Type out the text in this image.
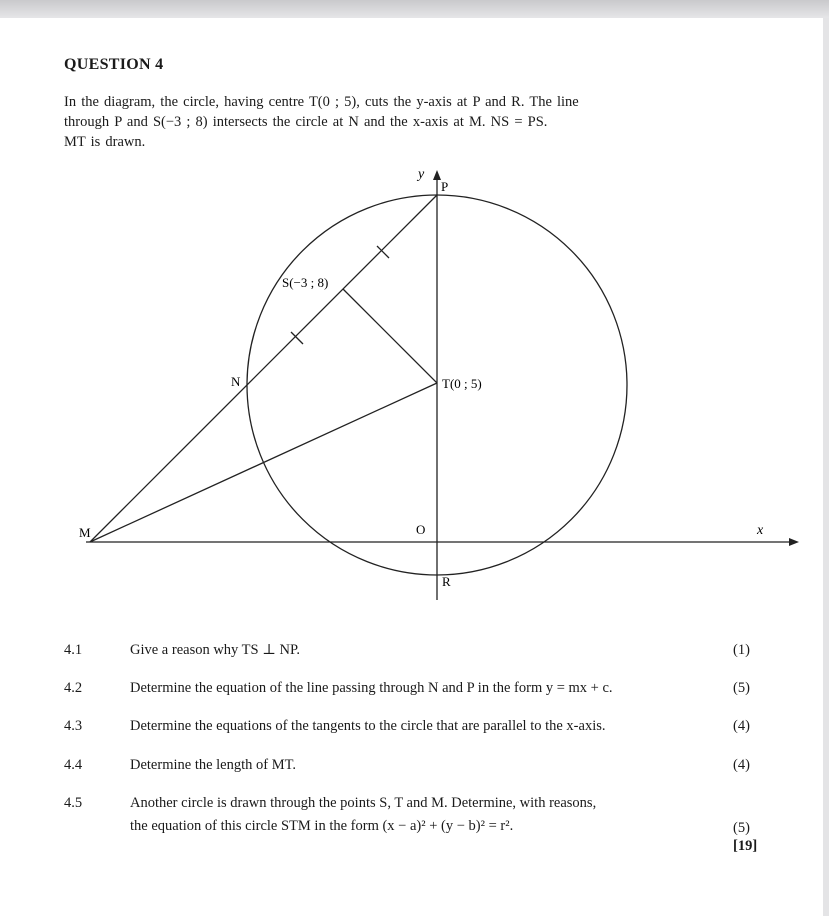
QUESTION 4
In the diagram, the circle, having centre T(0 ; 5), cuts the y-axis at P and R. The line
through P and S(−3 ; 8) intersects the circle at N and the x-axis at M. NS = PS.
MT is drawn.
y
P
S(−3 ; 8)
N	T(0 ; 5)
M	O	x
R
4.1	Give a reason why TS ⊥ NP.	(1)
4.2	Determine the equation of the line passing through N and P in the form y = mx + c.	(5)
4.3	Determine the equations of the tangents to the circle that are parallel to the x-axis.	(4)
4.4	Determine the length of MT.	(4)
4.5	Another circle is drawn through the points S, T and M. Determine, with reasons,
the equation of this circle STM in the form (x − a)² + (y − b)² = r².	(5)
[19]
